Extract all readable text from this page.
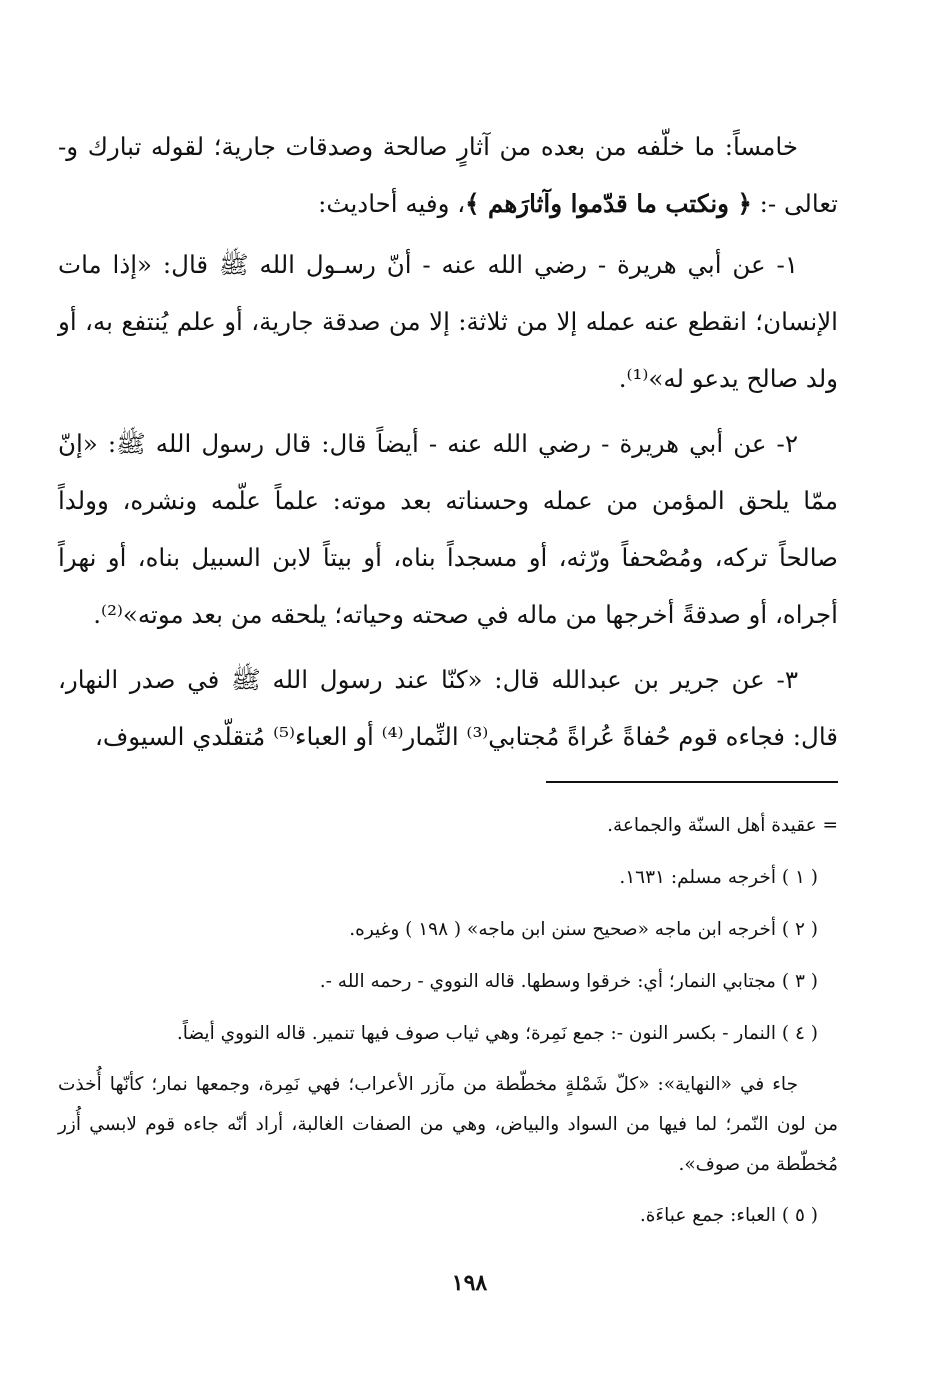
خامساً: ما خلّفه من بعده من آثارٍ صالحة وصدقات جارية؛ لقوله تبارك و- تعالى -: ﴿ ونكتب ما قدّموا وآثارَهم ﴾، وفيه أحاديث:

١- عن أبي هريرة - رضي الله عنه - أنّ رسـول الله ﷺ قال: «إذا مات الإنسان؛ انقطع عنه عمله إلا من ثلاثة: إلا من صدقة جارية، أو علم يُنتفع به، أو ولد صالح يدعو له»⁽¹⁾.

٢- عن أبي هريرة - رضي الله عنه - أيضاً قال: قال رسول الله ﷺ: «إنّ ممّا يلحق المؤمن من عمله وحسناته بعد موته: علماً علّمه ونشره، وولداً صالحاً تركه، ومُصْحفاً ورّثه، أو مسجداً بناه، أو بيتاً لابن السبيل بناه، أو نهراً أجراه، أو صدقةً أخرجها من ماله في صحته وحياته؛ يلحقه من بعد موته»⁽²⁾.

٣- عن جرير بن عبدالله قال: «كنّا عند رسول الله ﷺ في صدر النهار، قال: فجاءه قوم حُفاةً عُراةً مُجتابي⁽³⁾ النِّمار⁽⁴⁾ أو العباء⁽⁵⁾ مُتقلّدي السيوف،

= عقيدة أهل السنّة والجماعة.

( ١ ) أخرجه مسلم: ١٦٣١.

( ٢ ) أخرجه ابن ماجه «صحيح سنن ابن ماجه» ( ١٩٨ ) وغيره.

( ٣ ) مجتابي النمار؛ أي: خرقوا وسطها. قاله النووي - رحمه الله -.

( ٤ ) النمار - بكسر النون -: جمع نَمِرة؛ وهي ثياب صوف فيها تنمير. قاله النووي أيضاً.

جاء في «النهاية»: «كلّ شَمْلةٍ مخطّطة من مآزر الأعراب؛ فهي نَمِرة، وجمعها نمار؛ كأنّها أُخذت من لون النّمر؛ لما فيها من السواد والبياض، وهي من الصفات الغالبة، أراد أنّه جاءه قوم لابسي أُزر مُخطّطة من صوف».

( ٥ ) العباء: جمع عباءَة.

١٩٨
